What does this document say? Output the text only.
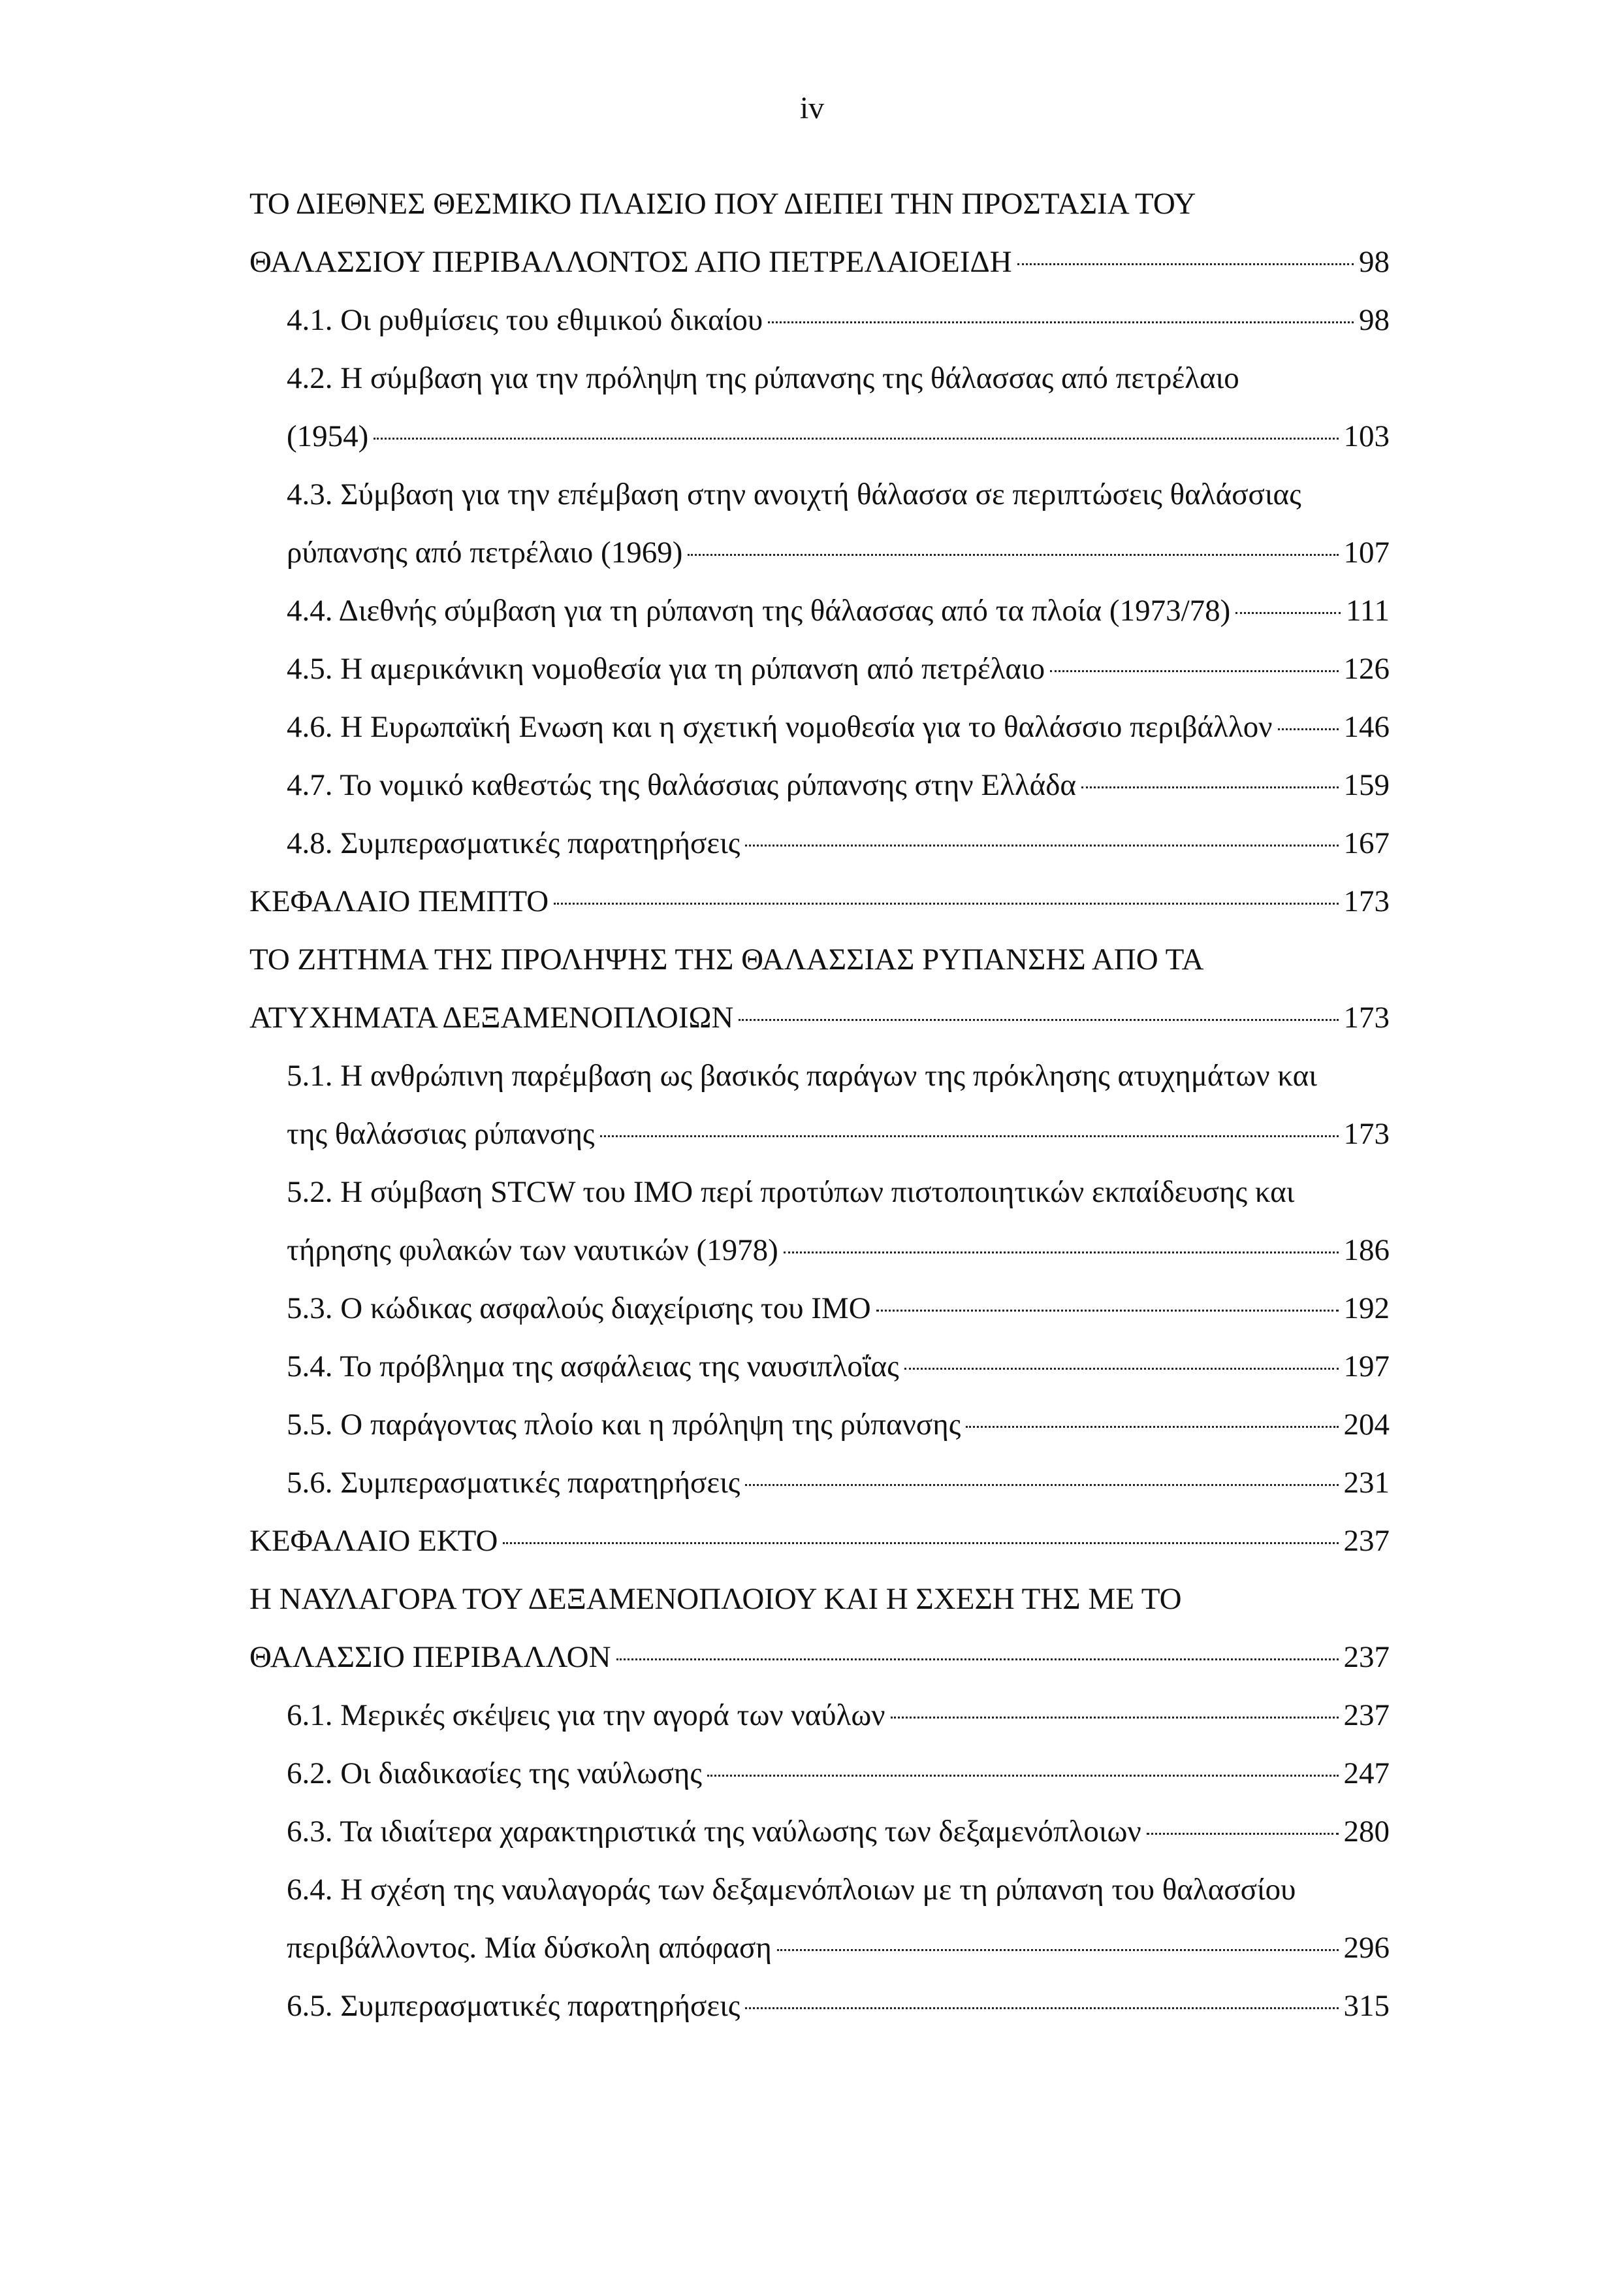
iv
ΤΟ ΔΙΕΘΝΕΣ ΘΕΣΜΙΚΟ ΠΛΑΙΣΙΟ ΠΟΥ ΔΙΕΠΕΙ ΤΗΝ ΠΡΟΣΤΑΣΙΑ ΤΟΥ
ΘΑΛΑΣΣΙΟΥ ΠΕΡΙΒΑΛΛΟΝΤΟΣ ΑΠΟ ΠΕΤΡΕΛΑΙΟΕΙΔΗ	98
4.1. Οι ρυθμίσεις του εθιμικού δικαίου	98
4.2. Η σύμβαση για την πρόληψη της ρύπανσης της θάλασσας από πετρέλαιο
(1954)	103
4.3. Σύμβαση για την επέμβαση στην ανοιχτή θάλασσα σε περιπτώσεις θαλάσσιας
ρύπανσης από πετρέλαιο (1969)	107
4.4. Διεθνής σύμβαση για τη ρύπανση της θάλασσας από τα πλοία (1973/78)	111
4.5. Η αμερικάνικη νομοθεσία για τη ρύπανση από πετρέλαιο	126
4.6. Η Ευρωπαϊκή Ενωση και η σχετική νομοθεσία για το θαλάσσιο περιβάλλον 146
4.7. Το νομικό καθεστώς της θαλάσσιας ρύπανσης στην Ελλάδα	159
4.8. Συμπερασματικές παρατηρήσεις	167
ΚΕΦΑΛΑΙΟ ΠΕΜΠΤΟ	173
ΤΟ ΖΗΤΗΜΑ ΤΗΣ ΠΡΟΛΗΨΗΣ ΤΗΣ ΘΑΛΑΣΣΙΑΣ ΡΥΠΑΝΣΗΣ ΑΠΟ ΤΑ
ΑΤΥΧΗΜΑΤΑ ΔΕΞΑΜΕΝΟΠΛΟΙΩΝ	173
5.1. Η ανθρώπινη παρέμβαση ως βασικός παράγων της πρόκλησης ατυχημάτων και
της θαλάσσιας ρύπανσης	173
5.2. Η σύμβαση STCW του IMO περί προτύπων πιστοποιητικών εκπαίδευσης και
τήρησης φυλακών των ναυτικών (1978)	186
5.3. Ο κώδικας ασφαλούς διαχείρισης του IMO	192
5.4. Το πρόβλημα της ασφάλειας της ναυσιπλοΐας	197
5.5. Ο παράγοντας πλοίο και η πρόληψη της ρύπανσης	204
5.6. Συμπερασματικές παρατηρήσεις	231
ΚΕΦΑΛΑΙΟ ΕΚΤΟ	237
Η ΝΑΥΛΑΓΟΡΑ ΤΟΥ ΔΕΞΑΜΕΝΟΠΛΟΙΟΥ ΚΑΙ Η ΣΧΕΣΗ ΤΗΣ ΜΕ ΤΟ
ΘΑΛΑΣΣΙΟ ΠΕΡΙΒΑΛΛΟΝ	237
6.1. Μερικές σκέψεις για την αγορά των ναύλων	237
6.2. Οι διαδικασίες της ναύλωσης	247
6.3. Τα ιδιαίτερα χαρακτηριστικά της ναύλωσης των δεξαμενόπλοιων	280
6.4. Η σχέση της ναυλαγοράς των δεξαμενόπλοιων με τη ρύπανση του θαλασσίου
περιβάλλοντος. Μία δύσκολη απόφαση	296
6.5. Συμπερασματικές παρατηρήσεις	315
